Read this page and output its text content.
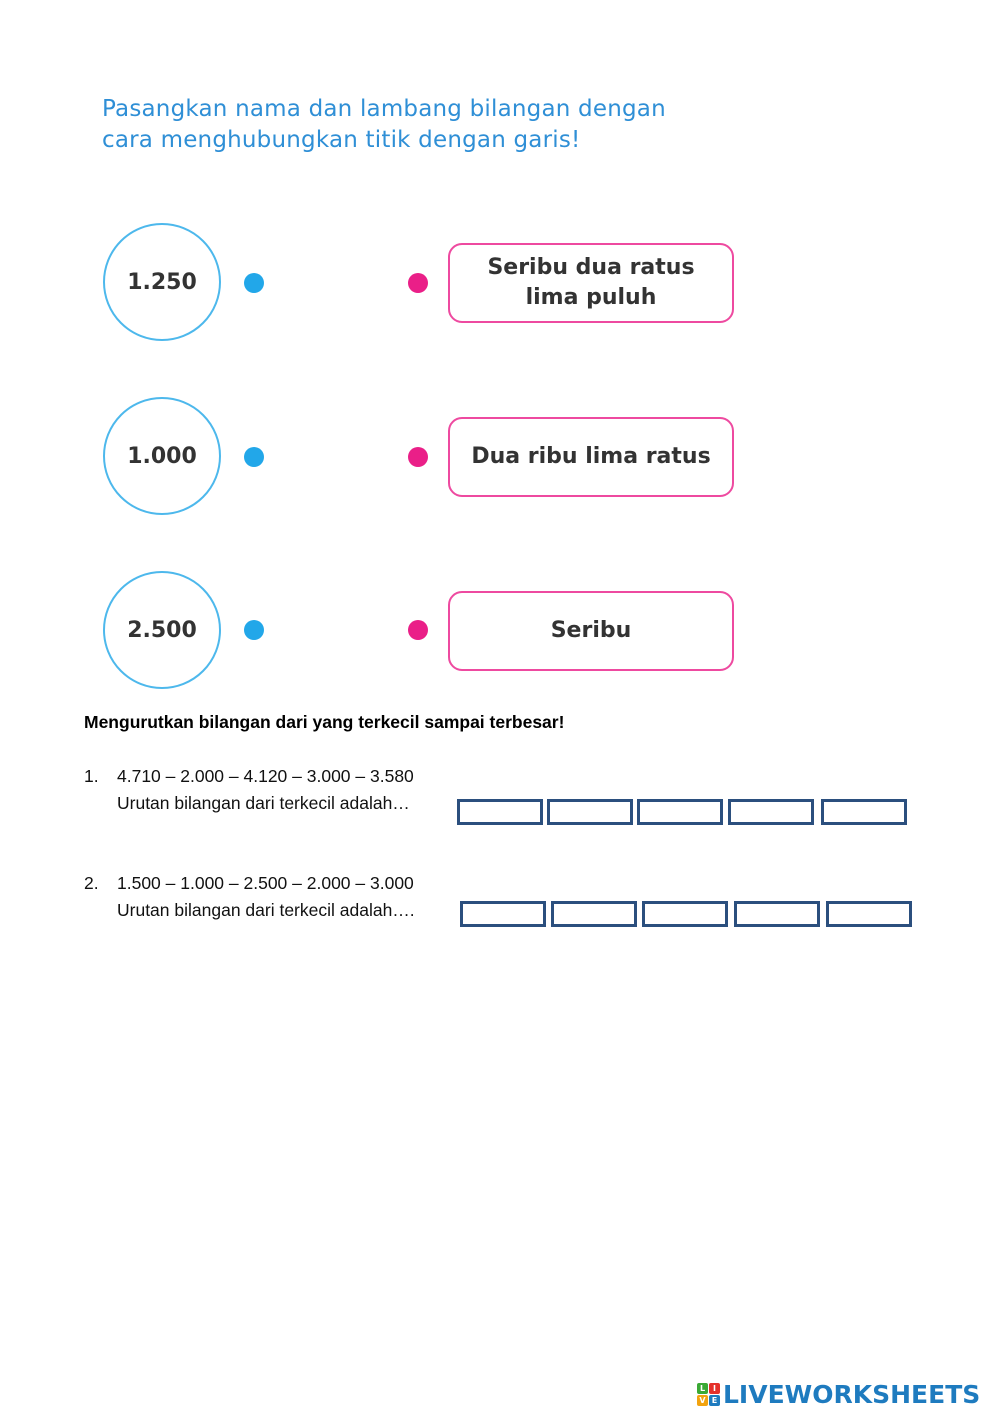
Pasangkan nama dan lambang bilangan dengan
cara menghubungkan titik dengan garis!
1.250
Seribu dua ratus
lima puluh
1.000	Dua ribu lima ratus
2.500	Seribu
Mengurutkan bilangan dari yang terkecil sampai terbesar!
1. 4.710 – 2.000 – 4.120 – 3.000 – 3.580
Urutan bilangan dari terkecil adalah…
2. 1.500 – 1.000 – 2.500 – 2.000 – 3.000
Urutan bilangan dari terkecil adalah….
L I
V E LIVEWORKSHEETS
